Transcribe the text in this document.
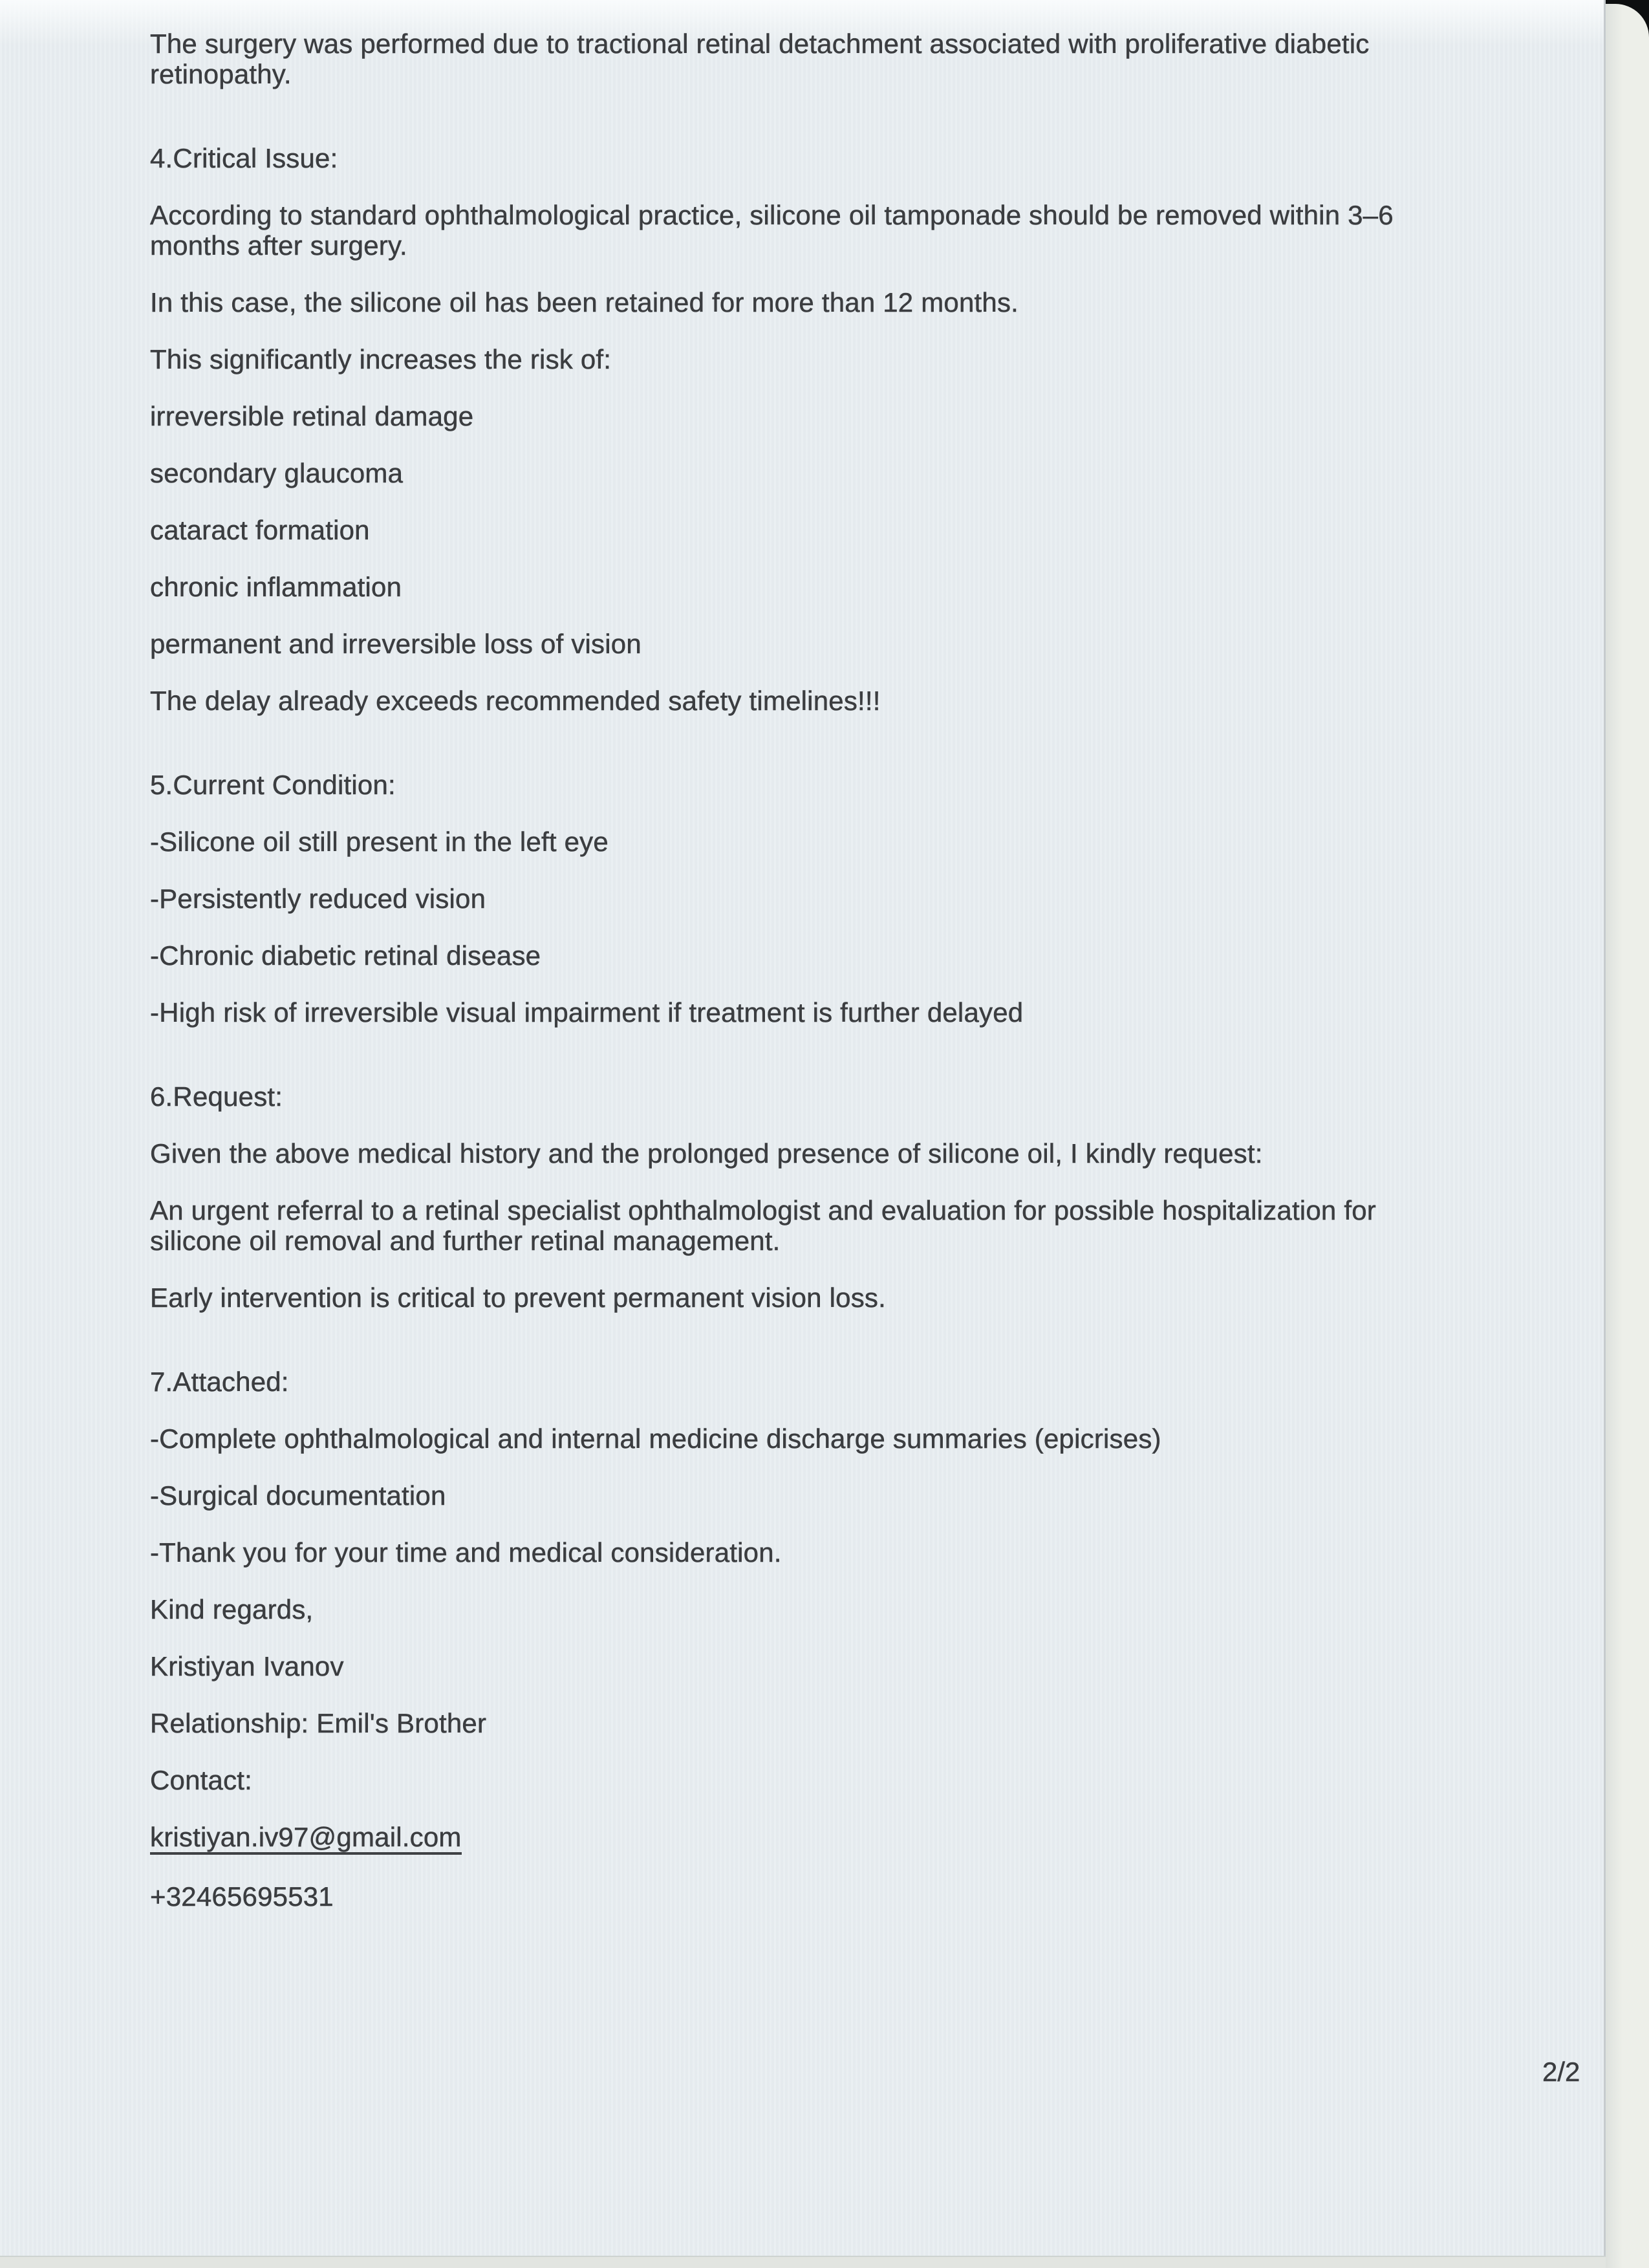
The surgery was performed due to tractional retinal detachment associated with proliferative diabetic
retinopathy.

4.Critical Issue:

According to standard ophthalmological practice, silicone oil tamponade should be removed within 3–6
months after surgery.

In this case, the silicone oil has been retained for more than 12 months.

This significantly increases the risk of:

irreversible retinal damage

secondary glaucoma

cataract formation

chronic inflammation

permanent and irreversible loss of vision

The delay already exceeds recommended safety timelines!!!

5.Current Condition:

-Silicone oil still present in the left eye

-Persistently reduced vision

-Chronic diabetic retinal disease

-High risk of irreversible visual impairment if treatment is further delayed

6.Request:

Given the above medical history and the prolonged presence of silicone oil, I kindly request:

An urgent referral to a retinal specialist ophthalmologist and evaluation for possible hospitalization for
silicone oil removal and further retinal management.

Early intervention is critical to prevent permanent vision loss.

7.Attached:

-Complete ophthalmological and internal medicine discharge summaries (epicrises)

-Surgical documentation

-Thank you for your time and medical consideration.

Kind regards,

Kristiyan Ivanov

Relationship: Emil's Brother

Contact:

kristiyan.iv97@gmail.com

+32465695531

2/2
